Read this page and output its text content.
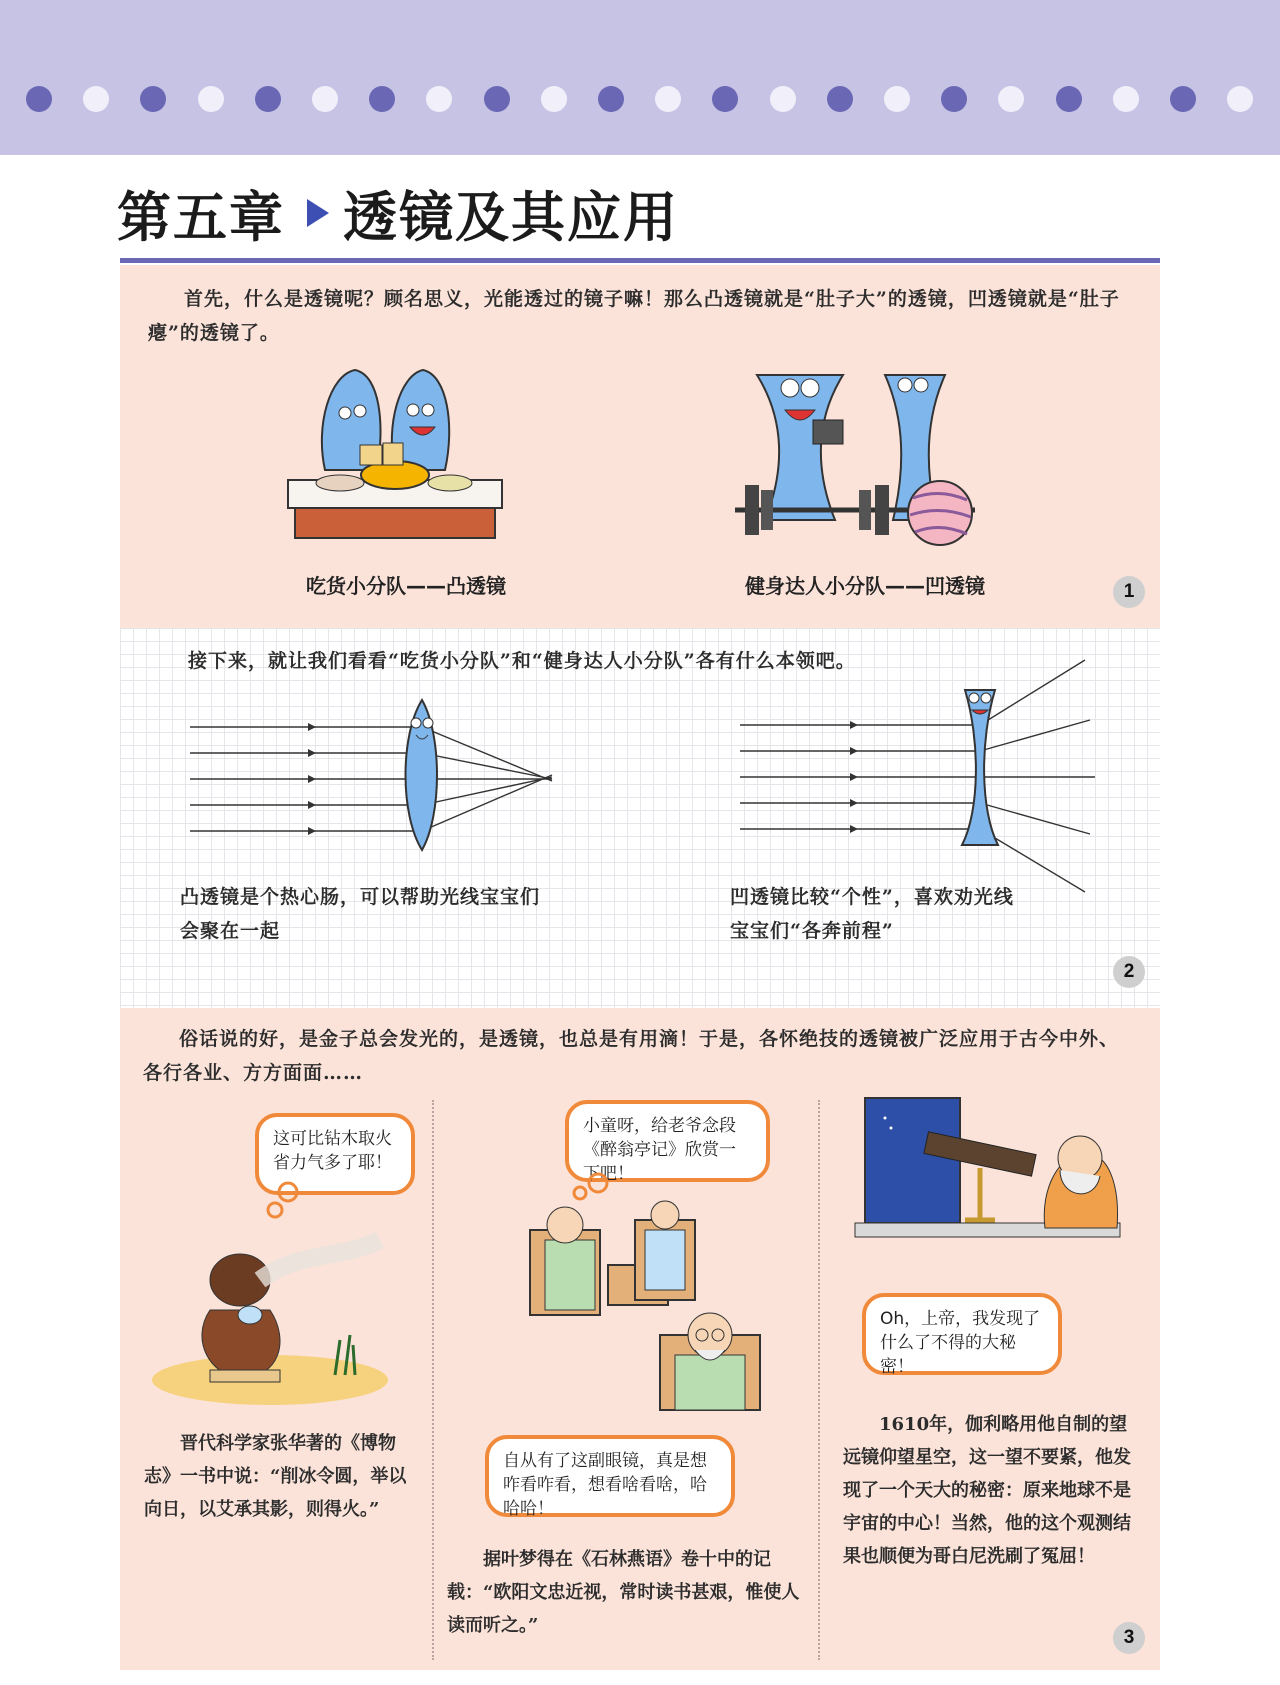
第五章 透镜及其应用
首先，什么是透镜呢？顾名思义，光能透过的镜子嘛！那么凸透镜就是“肚子大”的透镜，凹透镜就是“肚子瘪”的透镜了。
吃货小分队——凸透镜	健身达人小分队——凹透镜	1
接下来，就让我们看看“吃货小分队”和“健身达人小分队”各有什么本领吧。
凸透镜是个热心肠，可以帮助光线宝宝们
会聚在一起
凹透镜比较“个性”，喜欢劝光线
宝宝们“各奔前程”
2
俗话说的好，是金子总会发光的，是透镜，也总是有用滴！于是，各怀绝技的透镜被广泛应用于古今中外、各行各业、方方面面……
这可比钻木取火省力气多了耶！
晋代科学家张华著的《博物志》一书中说：“削冰令圆，举以向日，以艾承其影，则得火。”
小童呀，给老爷念段《醉翁亭记》欣赏一下吧！
自从有了这副眼镜，真是想咋看咋看，想看啥看啥，哈哈哈！
据叶梦得在《石林燕语》卷十中的记载：“欧阳文忠近视，常时读书甚艰，惟使人读而听之。”
Oh，上帝，我发现了什么了不得的大秘密！
1610年，伽利略用他自制的望远镜仰望星空，这一望不要紧，他发现了一个天大的秘密：原来地球不是宇宙的中心！当然，他的这个观测结果也顺便为哥白尼洗刷了冤屈！
3
